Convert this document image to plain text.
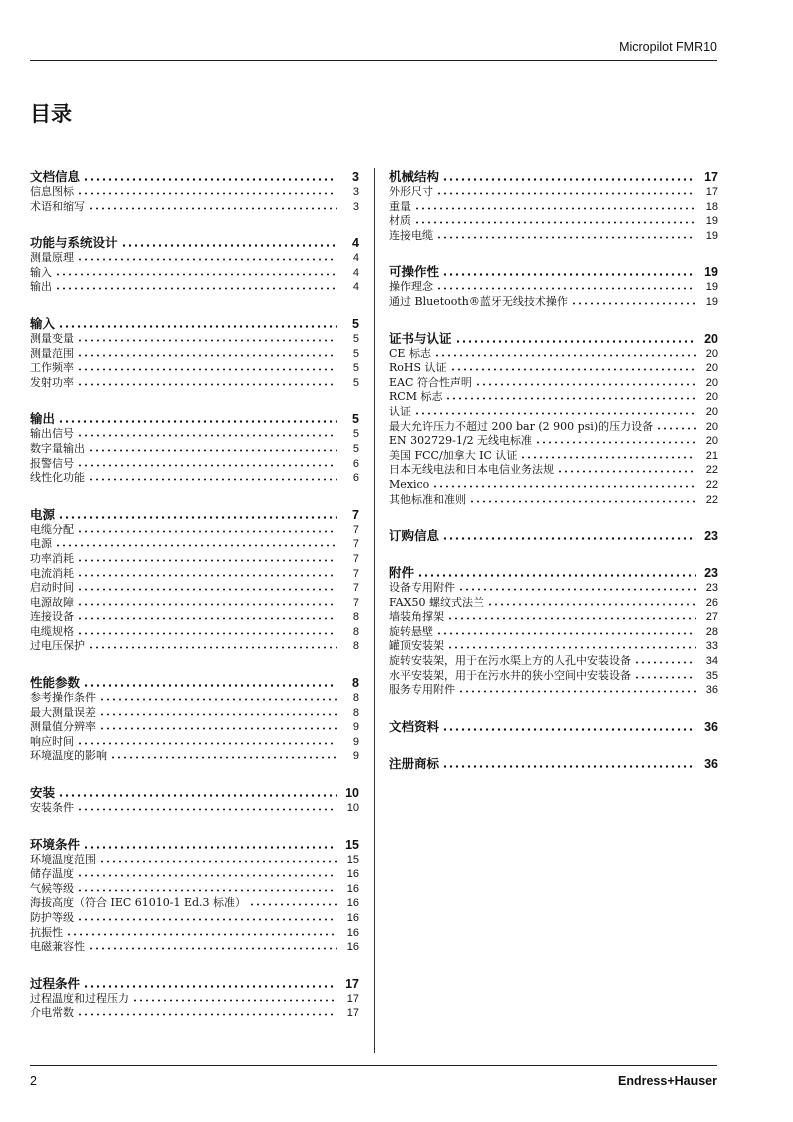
Micropilot FMR10
目录
文档信息	3
信息图标	3
术语和缩写	3
功能与系统设计	4
测量原理	4
输入	4
输出	4
输入	5
测量变量	5
测量范围	5
工作频率	5
发射功率	5
输出	5
输出信号	5
数字量输出	5
报警信号	6
线性化功能	6
电源	7
电缆分配	7
电源	7
功率消耗	7
电流消耗	7
启动时间	7
电源故障	7
连接设备	8
电缆规格	8
过电压保护	8
性能参数	8
参考操作条件	8
最大测量误差	8
测量值分辨率	9
响应时间	9
环境温度的影响	9
安装	10
安装条件	10
环境条件	15
环境温度范围	15
储存温度	16
气候等级	16
海拔高度（符合 IEC 61010-1 Ed.3 标准）	16
防护等级	16
抗振性	16
电磁兼容性	16
过程条件	17
过程温度和过程压力	17
介电常数	17
机械结构	17
外形尺寸	17
重量	18
材质	19
连接电缆	19
可操作性	19
操作理念	19
通过 Bluetooth®蓝牙无线技术操作	19
证书与认证	20
CE 标志	20
RoHS 认证	20
EAC 符合性声明	20
RCM 标志	20
认证	20
最大允许压力不超过 200 bar (2 900 psi)的压力设备	20
EN 302729-1/2 无线电标准	20
美国 FCC/加拿大 IC 认证	21
日本无线电法和日本电信业务法规	22
Mexico	22
其他标准和准则	22
订购信息	23
附件	23
设备专用附件	23
FAX50 螺纹式法兰	26
墙装角撑架	27
旋转悬壁	28
罐顶安装架	33
旋转安装架，用于在污水渠上方的人孔中安装设备	34
水平安装架，用于在污水井的狭小空间中安装设备	35
服务专用附件	36
文档资料	36
注册商标	36
2	Endress+Hauser
